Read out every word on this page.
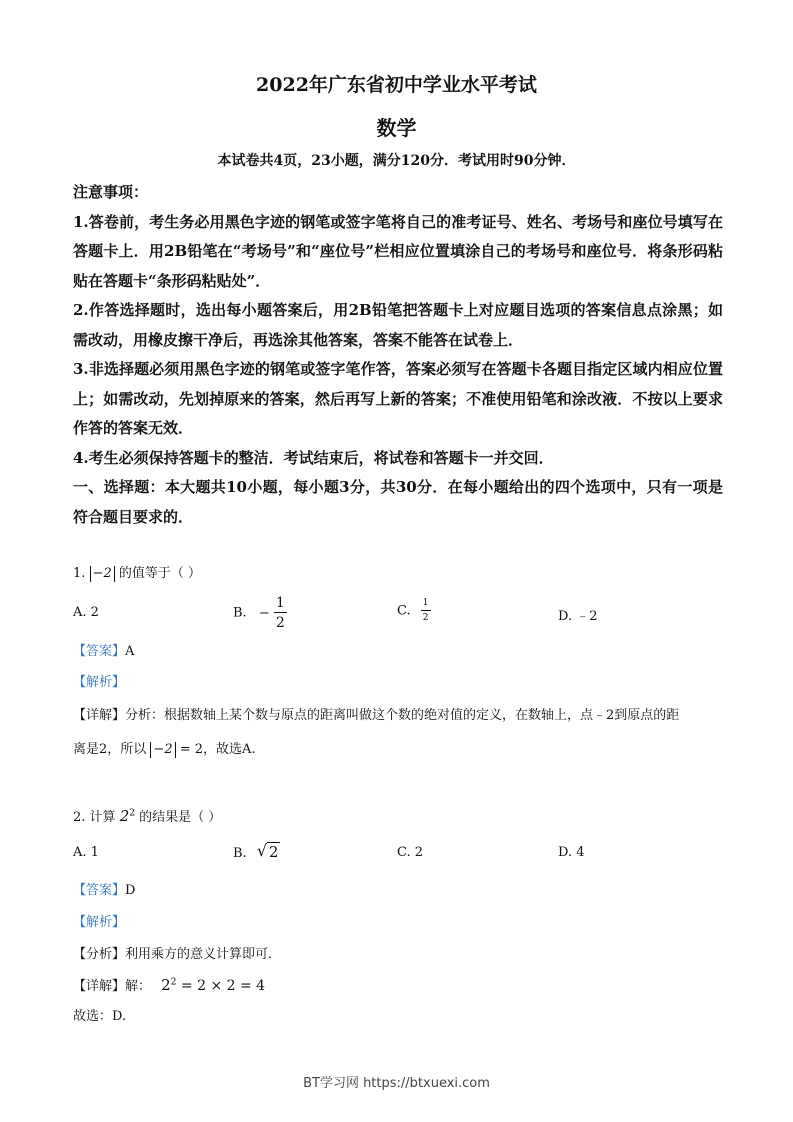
2022年广东省初中学业水平考试
数学
本试卷共4页，23小题，满分120分．考试用时90分钟．

注意事项：

1.答卷前，考生务必用黑色字迹的钢笔或签字笔将自己的准考证号、姓名、考场号和座位号填写在答题卡上．用2B铅笔在“考场号”和“座位号”栏相应位置填涂自己的考场号和座位号．将条形码粘贴在答题卡“条形码粘贴处”．

2.作答选择题时，选出每小题答案后，用2B铅笔把答题卡上对应题目选项的答案信息点涂黑；如需改动，用橡皮擦干净后，再选涂其他答案，答案不能答在试卷上．

3.非选择题必须用黑色字迹的钢笔或签字笔作答，答案必须写在答题卡各题目指定区域内相应位置上；如需改动，先划掉原来的答案，然后再写上新的答案；不准使用铅笔和涂改液．不按以上要求作答的答案无效．

4.考生必须保持答题卡的整洁．考试结束后，将试卷和答题卡一并交回．

一、选择题：本大题共10小题，每小题3分，共30分．在每小题给出的四个选项中，只有一项是符合题目要求的．

1. −2 的值等于（ ）
A. 2	B. − $\frac{1}{2}$	C. $\frac{1}{2}$	D. ﹣2
【答案】A
【解析】
【详解】分析：根据数轴上某个数与原点的距离叫做这个数的绝对值的定义，在数轴上，点﹣2到原点的距
离是2，所以 −2 = 2，故选A.
2. 计算 $2^2$ 的结果是（ ）
A. 1	B. √ 2	C. 2	D. 4
【答案】D
【解析】
【分析】利用乘方的意义计算即可．
【详解】解： $2^2 = 2 \times 2 = 4$
故选：D.
BT学习网 https://btxuexi.com
